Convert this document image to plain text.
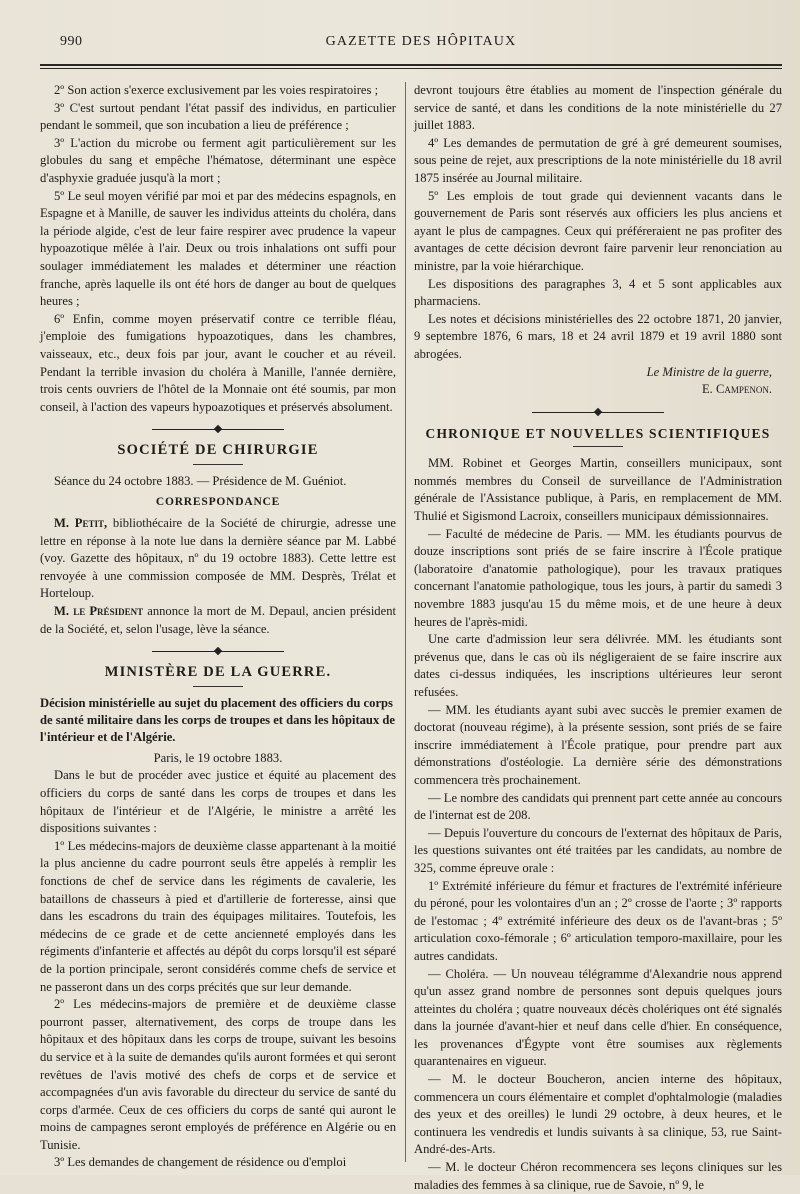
990	GAZETTE DES HÔPITAUX

2º Son action s'exerce exclusivement par les voies respiratoires ;

3º C'est surtout pendant l'état passif des individus, en particulier pendant le sommeil, que son incubation a lieu de préférence ;

3º L'action du microbe ou ferment agit particulièrement sur les globules du sang et empêche l'hématose, déterminant une espèce d'asphyxie graduée jusqu'à la mort ;

5º Le seul moyen vérifié par moi et par des médecins espagnols, en Espagne et à Manille, de sauver les individus atteints du choléra, dans la période algide, c'est de leur faire respirer avec prudence la vapeur hypoazotique mêlée à l'air. Deux ou trois inhalations ont suffi pour soulager immédiatement les malades et déterminer une réaction franche, après laquelle ils ont été hors de danger au bout de quelques heures ;

6º Enfin, comme moyen préservatif contre ce terrible fléau, j'emploie des fumigations hypoazotiques, dans les chambres, vaisseaux, etc., deux fois par jour, avant le coucher et au réveil. Pendant la terrible invasion du choléra à Manille, l'année dernière, trois cents ouvriers de l'hôtel de la Monnaie ont été soumis, par mon conseil, à l'action des vapeurs hypoazotiques et préservés absolument.

SOCIÉTÉ DE CHIRURGIE

Séance du 24 octobre 1883. — Présidence de M. Guéniot.

CORRESPONDANCE

M. Petit, bibliothécaire de la Société de chirurgie, adresse une lettre en réponse à la note lue dans la dernière séance par M. Labbé (voy. Gazette des hôpitaux, nº du 19 octobre 1883). Cette lettre est renvoyée à une commission composée de MM. Desprès, Trélat et Horteloup.

M. le Président annonce la mort de M. Depaul, ancien président de la Société, et, selon l'usage, lève la séance.

MINISTÈRE DE LA GUERRE.

Décision ministérielle au sujet du placement des officiers du corps de santé militaire dans les corps de troupes et dans les hôpitaux de l'intérieur et de l'Algérie.

Paris, le 19 octobre 1883.

Dans le but de procéder avec justice et équité au placement des officiers du corps de santé dans les corps de troupes et dans les hôpitaux de l'intérieur et de l'Algérie, le ministre a arrêté les dispositions suivantes :

1º Les médecins-majors de deuxième classe appartenant à la moitié la plus ancienne du cadre pourront seuls être appelés à remplir les fonctions de chef de service dans les régiments de cavalerie, les bataillons de chasseurs à pied et d'artillerie de forteresse, ainsi que dans les escadrons du train des équipages militaires. Toutefois, les médecins de ce grade et de cette ancienneté employés dans les régiments d'infanterie et affectés au dépôt du corps lorsqu'il est séparé de la portion principale, seront considérés comme chefs de service et ne passeront dans un des corps précités que sur leur demande.

2º Les médecins-majors de première et de deuxième classe pourront passer, alternativement, des corps de troupe dans les hôpitaux et des hôpitaux dans les corps de troupe, suivant les besoins du service et à la suite de demandes qu'ils auront formées et qui seront revêtues de l'avis motivé des chefs de corps et de service et accompagnées d'un avis favorable du directeur du service de santé du corps d'armée. Ceux de ces officiers du corps de santé qui auront le moins de campagnes seront employés de préférence en Algérie ou en Tunisie.

3º Les demandes de changement de résidence ou d'emploi

devront toujours être établies au moment de l'inspection générale du service de santé, et dans les conditions de la note ministérielle du 27 juillet 1883.

4º Les demandes de permutation de gré à gré demeurent soumises, sous peine de rejet, aux prescriptions de la note ministérielle du 18 avril 1875 insérée au Journal militaire.

5º Les emplois de tout grade qui deviennent vacants dans le gouvernement de Paris sont réservés aux officiers les plus anciens et ayant le plus de campagnes. Ceux qui préféreraient ne pas profiter des avantages de cette décision devront faire parvenir leur renonciation au ministre, par la voie hiérarchique.

Les dispositions des paragraphes 3, 4 et 5 sont applicables aux pharmaciens.

Les notes et décisions ministérielles des 22 octobre 1871, 20 janvier, 9 septembre 1876, 6 mars, 18 et 24 avril 1879 et 19 avril 1880 sont abrogées.

Le Ministre de la guerre,

E. Campenon.

CHRONIQUE ET NOUVELLES SCIENTIFIQUES

MM. Robinet et Georges Martin, conseillers municipaux, sont nommés membres du Conseil de surveillance de l'Administration générale de l'Assistance publique, à Paris, en remplacement de MM. Thulié et Sigismond Lacroix, conseillers municipaux démissionnaires.

— Faculté de médecine de Paris. — MM. les étudiants pourvus de douze inscriptions sont priés de se faire inscrire à l'École pratique (laboratoire d'anatomie pathologique), pour les travaux pratiques concernant l'anatomie pathologique, tous les jours, à partir du samedi 3 novembre 1883 jusqu'au 15 du même mois, et de une heure à deux heures de l'après-midi.

Une carte d'admission leur sera délivrée. MM. les étudiants sont prévenus que, dans le cas où ils négligeraient de se faire inscrire aux dates ci-dessus indiquées, les inscriptions ultérieures leur seront refusées.

— MM. les étudiants ayant subi avec succès le premier examen de doctorat (nouveau régime), à la présente session, sont priés de se faire inscrire immédiatement à l'École pratique, pour prendre part aux démonstrations d'ostéologie. La dernière série des démonstrations commencera très prochainement.

— Le nombre des candidats qui prennent part cette année au concours de l'internat est de 208.

— Depuis l'ouverture du concours de l'externat des hôpitaux de Paris, les questions suivantes ont été traitées par les candidats, au nombre de 325, comme épreuve orale :

1º Extrémité inférieure du fémur et fractures de l'extrémité inférieure du péroné, pour les volontaires d'un an ; 2º crosse de l'aorte ; 3º rapports de l'estomac ; 4º extrémité inférieure des deux os de l'avant-bras ; 5º articulation coxo-fémorale ; 6º articulation temporo-maxillaire, pour les autres candidats.

— Choléra. — Un nouveau télégramme d'Alexandrie nous apprend qu'un assez grand nombre de personnes sont depuis quelques jours atteintes du choléra ; quatre nouveaux décès cholériques ont été signalés dans la journée d'avant-hier et neuf dans celle d'hier. En conséquence, les provenances d'Égypte vont être soumises aux règlements quarantenaires en vigueur.

— M. le docteur Boucheron, ancien interne des hôpitaux, commencera un cours élémentaire et complet d'ophtalmologie (maladies des yeux et des oreilles) le lundi 29 octobre, à deux heures, et le continuera les vendredis et lundis suivants à sa clinique, 53, rue Saint-André-des-Arts.

— M. le docteur Chéron recommencera ses leçons cliniques sur les maladies des femmes à sa clinique, rue de Savoie, nº 9, le
